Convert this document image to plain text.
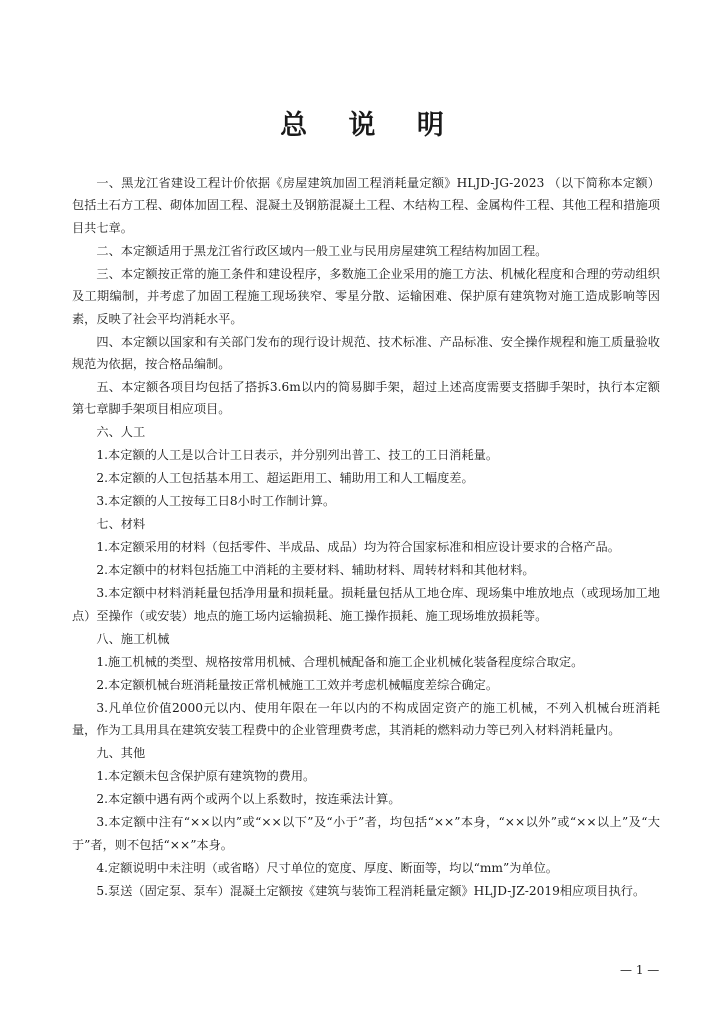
总 说 明

一、黑龙江省建设工程计价依据《房屋建筑加固工程消耗量定额》HLJD-JG-2023 （以下简称本定额）包括土石方工程、砌体加固工程、混凝土及钢筋混凝土工程、木结构工程、金属构件工程、其他工程和措施项目共七章。

二、本定额适用于黑龙江省行政区域内一般工业与民用房屋建筑工程结构加固工程。

三、本定额按正常的施工条件和建设程序，多数施工企业采用的施工方法、机械化程度和合理的劳动组织及工期编制，并考虑了加固工程施工现场狭窄、零星分散、运输困难、保护原有建筑物对施工造成影响等因素，反映了社会平均消耗水平。

四、本定额以国家和有关部门发布的现行设计规范、技术标准、产品标准、安全操作规程和施工质量验收规范为依据，按合格品编制。

五、本定额各项目均包括了搭拆3.6m以内的简易脚手架，超过上述高度需要支搭脚手架时，执行本定额第七章脚手架项目相应项目。

六、人工

1.本定额的人工是以合计工日表示，并分别列出普工、技工的工日消耗量。

2.本定额的人工包括基本用工、超运距用工、辅助用工和人工幅度差。

3.本定额的人工按每工日8小时工作制计算。

七、材料

1.本定额采用的材料（包括零件、半成品、成品）均为符合国家标准和相应设计要求的合格产品。

2.本定额中的材料包括施工中消耗的主要材料、辅助材料、周转材料和其他材料。

3.本定额中材料消耗量包括净用量和损耗量。损耗量包括从工地仓库、现场集中堆放地点（或现场加工地点）至操作（或安装）地点的施工场内运输损耗、施工操作损耗、施工现场堆放损耗等。

八、施工机械

1.施工机械的类型、规格按常用机械、合理机械配备和施工企业机械化装备程度综合取定。

2.本定额机械台班消耗量按正常机械施工工效并考虑机械幅度差综合确定。

3.凡单位价值2000元以内、使用年限在一年以内的不构成固定资产的施工机械，不列入机械台班消耗量，作为工具用具在建筑安装工程费中的企业管理费考虑，其消耗的燃料动力等已列入材料消耗量内。

九、其他

1.本定额未包含保护原有建筑物的费用。

2.本定额中遇有两个或两个以上系数时，按连乘法计算。

3.本定额中注有“××以内”或“××以下”及“小于”者，均包括“××”本身，“××以外”或“××以上”及“大于”者，则不包括“××”本身。

4.定额说明中未注明（或省略）尺寸单位的宽度、厚度、断面等，均以“mm”为单位。

5.泵送（固定泵、泵车）混凝土定额按《建筑与装饰工程消耗量定额》HLJD-JZ-2019相应项目执行。

— 1 —
